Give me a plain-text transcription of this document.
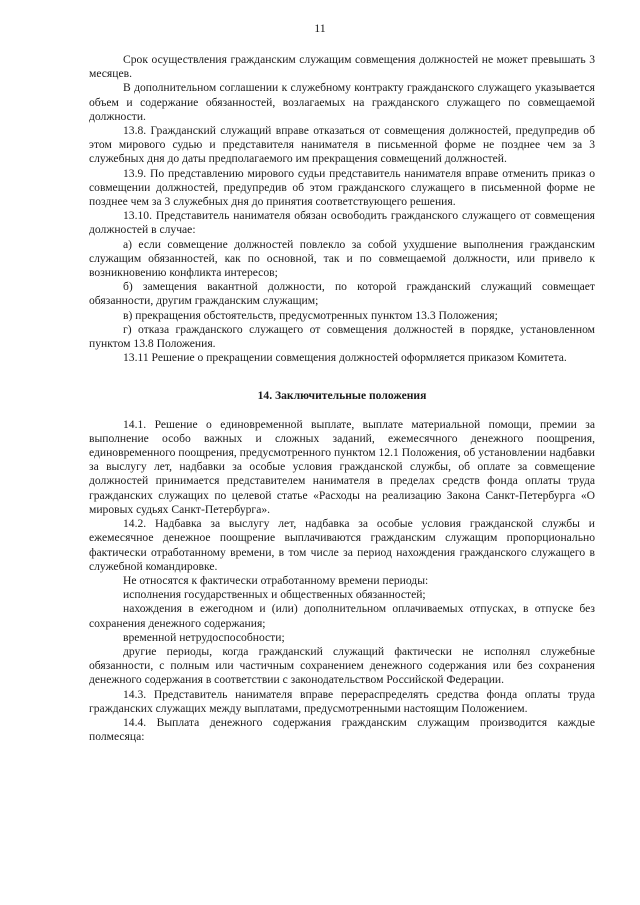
11

Срок осуществления гражданским служащим совмещения должностей не может превышать 3 месяцев.

В дополнительном соглашении к служебному контракту гражданского служащего указывается объем и содержание обязанностей, возлагаемых на гражданского служащего по совмещаемой должности.

13.8. Гражданский служащий вправе отказаться от совмещения должностей, предупредив об этом мирового судью и представителя нанимателя в письменной форме не позднее чем за 3 служебных дня до даты предполагаемого им прекращения совмещений должностей.

13.9. По представлению мирового судьи представитель нанимателя вправе отменить приказ о совмещении должностей, предупредив об этом гражданского служащего в письменной форме не позднее чем за 3 служебных дня до принятия соответствующего решения.

13.10. Представитель нанимателя обязан освободить гражданского служащего от совмещения должностей в случае:

а) если совмещение должностей повлекло за собой ухудшение выполнения гражданским служащим обязанностей, как по основной, так и по совмещаемой должности, или привело к возникновению конфликта интересов;

б) замещения вакантной должности, по которой гражданский служащий совмещает обязанности, другим гражданским служащим;

в) прекращения обстоятельств, предусмотренных пунктом 13.3 Положения;

г) отказа гражданского служащего от совмещения должностей в порядке, установленном пунктом 13.8 Положения.

13.11 Решение о прекращении совмещения должностей оформляется приказом Комитета.

14. Заключительные положения

14.1. Решение о единовременной выплате, выплате материальной помощи, премии за выполнение особо важных и сложных заданий, ежемесячного денежного поощрения, единовременного поощрения, предусмотренного пунктом 12.1 Положения, об установлении надбавки за выслугу лет, надбавки за особые условия гражданской службы, об оплате за совмещение должностей принимается представителем нанимателя в пределах средств фонда оплаты труда гражданских служащих по целевой статье «Расходы на реализацию Закона Санкт-Петербурга «О мировых судьях Санкт-Петербурга».

14.2. Надбавка за выслугу лет, надбавка за особые условия гражданской службы и ежемесячное денежное поощрение выплачиваются гражданским служащим пропорционально фактически отработанному времени, в том числе за период нахождения гражданского служащего в служебной командировке.

Не относятся к фактически отработанному времени периоды:

исполнения государственных и общественных обязанностей;

нахождения в ежегодном и (или) дополнительном оплачиваемых отпусках, в отпуске без сохранения денежного содержания;

временной нетрудоспособности;

другие периоды, когда гражданский служащий фактически не исполнял служебные обязанности, с полным или частичным сохранением денежного содержания или без сохранения денежного содержания в соответствии с законодательством Российской Федерации.

14.3. Представитель нанимателя вправе перераспределять средства фонда оплаты труда гражданских служащих между выплатами, предусмотренными настоящим Положением.

14.4. Выплата денежного содержания гражданским служащим производится каждые полмесяца:
